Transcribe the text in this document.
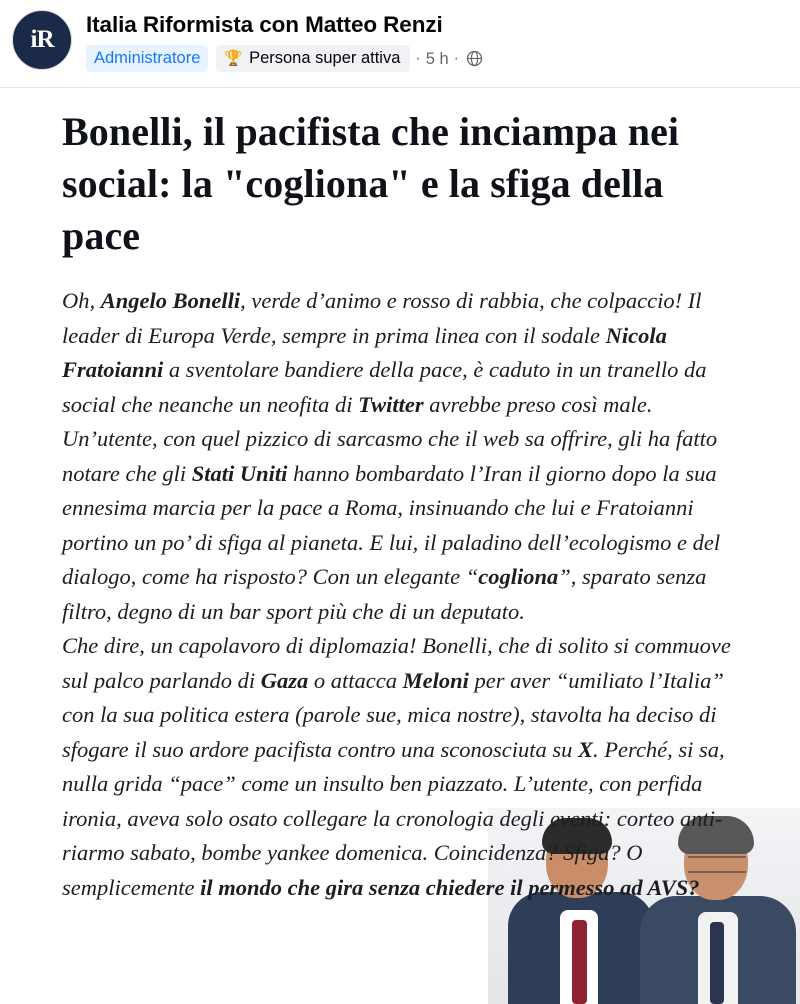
iR
Italia Riformista con Matteo Renzi
Administratore	🏆 Persona super attiva · 5 h ·
Bonelli, il pacifista che inciampa nei social: la "cogliona" e la sfiga della pace

Oh, Angelo Bonelli, verde d’animo e rosso di rabbia, che colpaccio! Il leader di Europa Verde, sempre in prima linea con il sodale Nicola Fratoianni a sventolare bandiere della pace, è caduto in un tranello da social che neanche un neofita di Twitter avrebbe preso così male. Un’utente, con quel pizzico di sarcasmo che il web sa offrire, gli ha fatto notare che gli Stati Uniti hanno bombardato l’Iran il giorno dopo la sua ennesima marcia per la pace a Roma, insinuando che lui e Fratoianni portino un po’ di sfiga al pianeta. E lui, il paladino dell’ecologismo e del dialogo, come ha risposto? Con un elegante “cogliona”, sparato senza filtro, degno di un bar sport più che di un deputato.

Che dire, un capolavoro di diplomazia! Bonelli, che di solito si commuove sul palco parlando di Gaza o attacca Meloni per aver “umiliato l’Italia” con la sua politica estera (parole sue, mica nostre), stavolta ha deciso di sfogare il suo ardore pacifista contro una sconosciuta su X. Perché, si sa, nulla grida “pace” come un insulto ben piazzato. L’utente, con perfida ironia, aveva solo osato collegare la cronologia degli eventi: corteo anti-riarmo sabato, bombe yankee domenica. Coincidenza? Sfiga? O semplicemente il mondo che gira senza chiedere il permesso ad AVS?
